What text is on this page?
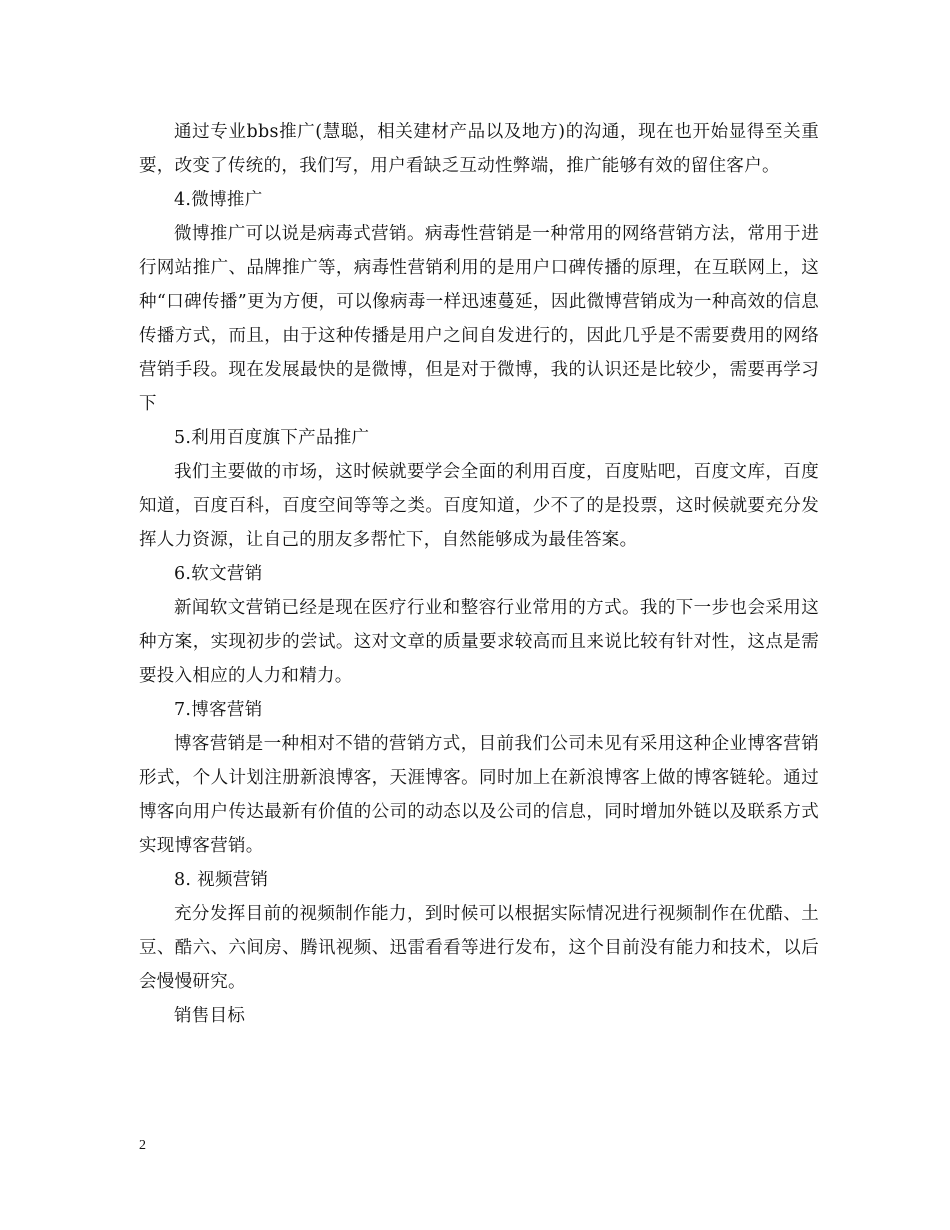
通过专业bbs推广(慧聪，相关建材产品以及地方)的沟通，现在也开始显得至关重要，改变了传统的，我们写，用户看缺乏互动性弊端，推广能够有效的留住客户。

4.微博推广

微博推广可以说是病毒式营销。病毒性营销是一种常用的网络营销方法，常用于进行网站推广、品牌推广等，病毒性营销利用的是用户口碑传播的原理，在互联网上，这种“口碑传播”更为方便，可以像病毒一样迅速蔓延，因此微博营销成为一种高效的信息传播方式，而且，由于这种传播是用户之间自发进行的，因此几乎是不需要费用的网络营销手段。现在发展最快的是微博，但是对于微博，我的认识还是比较少，需要再学习下

5.利用百度旗下产品推广

我们主要做的市场，这时候就要学会全面的利用百度，百度贴吧，百度文库，百度知道，百度百科，百度空间等等之类。百度知道，少不了的是投票，这时候就要充分发挥人力资源，让自己的朋友多帮忙下，自然能够成为最佳答案。

6.软文营销

新闻软文营销已经是现在医疗行业和整容行业常用的方式。我的下一步也会采用这种方案，实现初步的尝试。这对文章的质量要求较高而且来说比较有针对性，这点是需要投入相应的人力和精力。

7.博客营销

博客营销是一种相对不错的营销方式，目前我们公司未见有采用这种企业博客营销形式，个人计划注册新浪博客，天涯博客。同时加上在新浪博客上做的博客链轮。通过博客向用户传达最新有价值的公司的动态以及公司的信息，同时增加外链以及联系方式实现博客营销。

8. 视频营销

充分发挥目前的视频制作能力，到时候可以根据实际情况进行视频制作在优酷、土豆、酷六、六间房、腾讯视频、迅雷看看等进行发布，这个目前没有能力和技术，以后会慢慢研究。

销售目标

2
